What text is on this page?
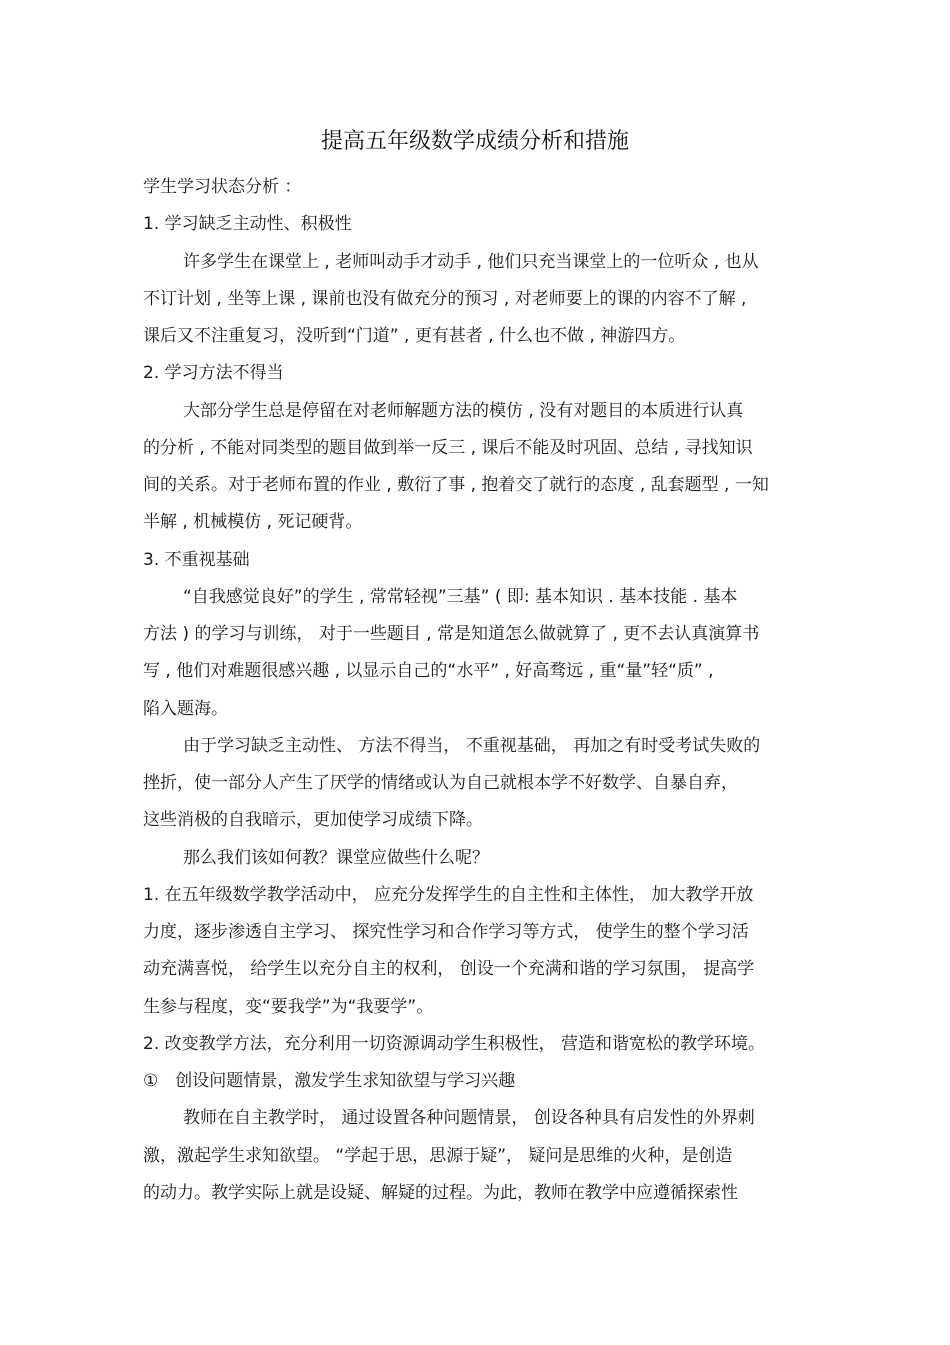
提高五年级数学成绩分析和措施
学生学习状态分析 ：
1. 学习缺乏主动性、积极性
许多学生在课堂上 , 老师叫动手才动手 , 他们只充当课堂上的一位听众 , 也从
不订计划 , 坐等上课 , 课前也没有做充分的预习 , 对老师要上的课的内容不了解 ,
课后又不注重复习，没听到“门道” , 更有甚者 , 什么也不做 , 神游四方。
2. 学习方法不得当
大部分学生总是停留在对老师解题方法的模仿 , 没有对题目的本质进行认真
的分析 , 不能对同类型的题目做到举一反三 , 课后不能及时巩固、总结 , 寻找知识
间的关系。对于老师布置的作业 , 敷衍了事 , 抱着交了就行的态度 , 乱套题型 , 一知
半解 , 机械模仿 , 死记硬背。
3. 不重视基础
“自我感觉良好”的学生 , 常常轻视”三基” ( 即: 基本知识 . 基本技能 . 基本
方法 ) 的学习与训练， 对于一些题目 , 常是知道怎么做就算了 , 更不去认真演算书
写 , 他们对难题很感兴趣 , 以显示自己的“水平” , 好高骛远 , 重“量”轻“质” ,
陷入题海。
由于学习缺乏主动性、 方法不得当， 不重视基础， 再加之有时受考试失败的
挫折，使一部分人产生了厌学的情绪或认为自己就根本学不好数学、自暴自弃，
这些消极的自我暗示，更加使学习成绩下降。
那么我们该如何教？课堂应做些什么呢？
1. 在五年级数学教学活动中， 应充分发挥学生的自主性和主体性， 加大教学开放
力度，逐步渗透自主学习、 探究性学习和合作学习等方式， 使学生的整个学习活
动充满喜悦， 给学生以充分自主的权利， 创设一个充满和谐的学习氛围， 提高学
生参与程度，变“要我学”为“我要学”。
2. 改变教学方法，充分利用一切资源调动学生积极性， 营造和谐宽松的教学环境。
①　创设问题情景，激发学生求知欲望与学习兴趣
教师在自主教学时， 通过设置各种问题情景， 创设各种具有启发性的外界刺
激，激起学生求知欲望。 “学起于思，思源于疑”， 疑问是思维的火种，是创造
的动力。教学实际上就是设疑、解疑的过程。为此，教师在教学中应遵循探索性
